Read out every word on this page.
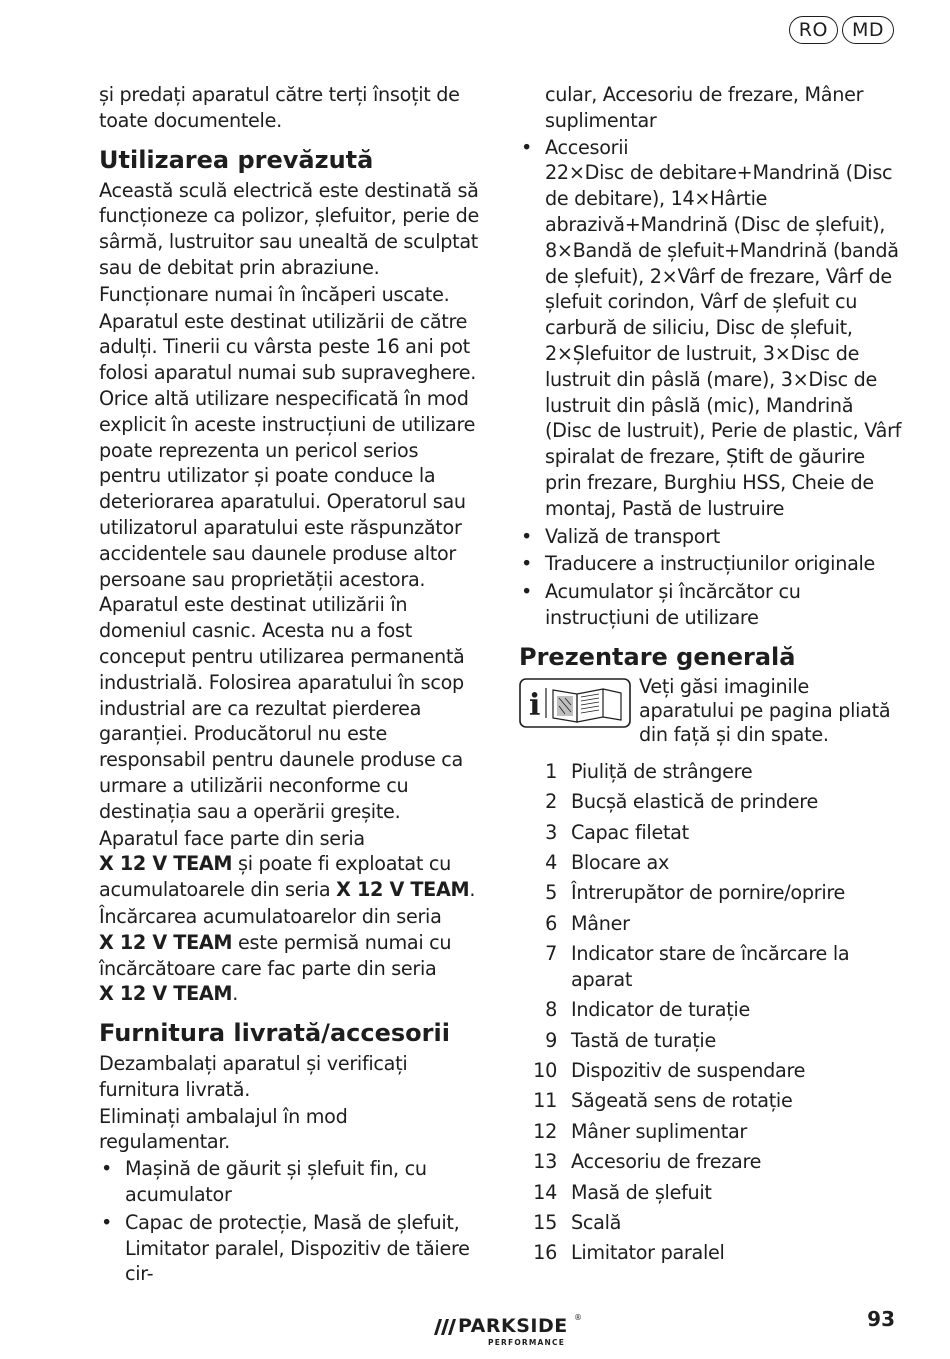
RO	MD

și predați aparatul către terți însoțit de toate documentele.

Utilizarea prevăzută

Această sculă electrică este destinată să funcționeze ca polizor, șlefuitor, perie de sârmă, lustruitor sau unealtă de sculptat sau de debitat prin abraziune.

Funcționare numai în încăperi uscate.

Aparatul este destinat utilizării de către adulți. Tinerii cu vârsta peste 16 ani pot folosi aparatul numai sub supraveghere. Orice altă utilizare nespecificată în mod explicit în aceste instrucțiuni de utilizare poate reprezenta un pericol serios pentru utilizator și poate conduce la deteriorarea aparatului. Operatorul sau utilizatorul aparatului este răspunzător accidentele sau daunele produse altor persoane sau proprietății acestora. Aparatul este destinat utilizării în domeniul casnic. Acesta nu a fost conceput pentru utilizarea permanentă industrială. Folosirea aparatului în scop industrial are ca rezultat pierderea garanției. Producătorul nu este responsabil pentru daunele produse ca urmare a utilizării neconforme cu destinația sau a operării greșite.

Aparatul face parte din seria
X 12 V TEAM și poate fi exploatat cu acumulatoarele din seria X 12 V TEAM.

Încărcarea acumulatoarelor din seria
X 12 V TEAM este permisă numai cu încărcătoare care fac parte din seria
X 12 V TEAM.

Furnitura livrată/accesorii

Dezambalați aparatul și verificați furnitura livrată.

Eliminați ambalajul în mod regulamentar.

• Mașină de găurit și șlefuit fin, cu acumulator
• Capac de protecție, Masă de șlefuit, Limitator paralel, Dispozitiv de tăiere cir-

cular, Accesoriu de frezare, Mâner suplimentar

• Accesorii
22×Disc de debitare+Mandrină (Disc de debitare), 14×Hârtie abrazivă+Mandrină (Disc de șlefuit), 8×Bandă de șlefuit+Mandrină (bandă de șlefuit), 2×Vârf de frezare, Vârf de șlefuit corindon, Vârf de șlefuit cu carbură de siliciu, Disc de șlefuit, 2×Șlefuitor de lustruit, 3×Disc de lustruit din pâslă (mare), 3×Disc de lustruit din pâslă (mic), Mandrină (Disc de lustruit), Perie de plastic, Vârf spiralat de frezare, Știft de găurire prin frezare, Burghiu HSS, Cheie de montaj, Pastă de lustruire
• Valiză de transport
• Traducere a instrucțiunilor originale
• Acumulator și încărcător cu instrucțiuni de utilizare
Prezentare generală
i
Veți găsi imaginile aparatului pe pagina pliată din față și din spate.
1 Piuliță de strângere
2 Bucșă elastică de prindere
3 Capac filetat
4 Blocare ax
5 Întrerupător de pornire/oprire
6 Mâner
7 Indicator stare de încărcare la aparat
8 Indicator de turație
9 Tastă de turație
10 Dispozitiv de suspendare
11 Săgeată sens de rotație
12 Mâner suplimentar
13 Accesoriu de frezare
14 Masă de șlefuit
15 Scală
16 Limitator paralel
PARKSIDE ®
PERFORMANCE
93
